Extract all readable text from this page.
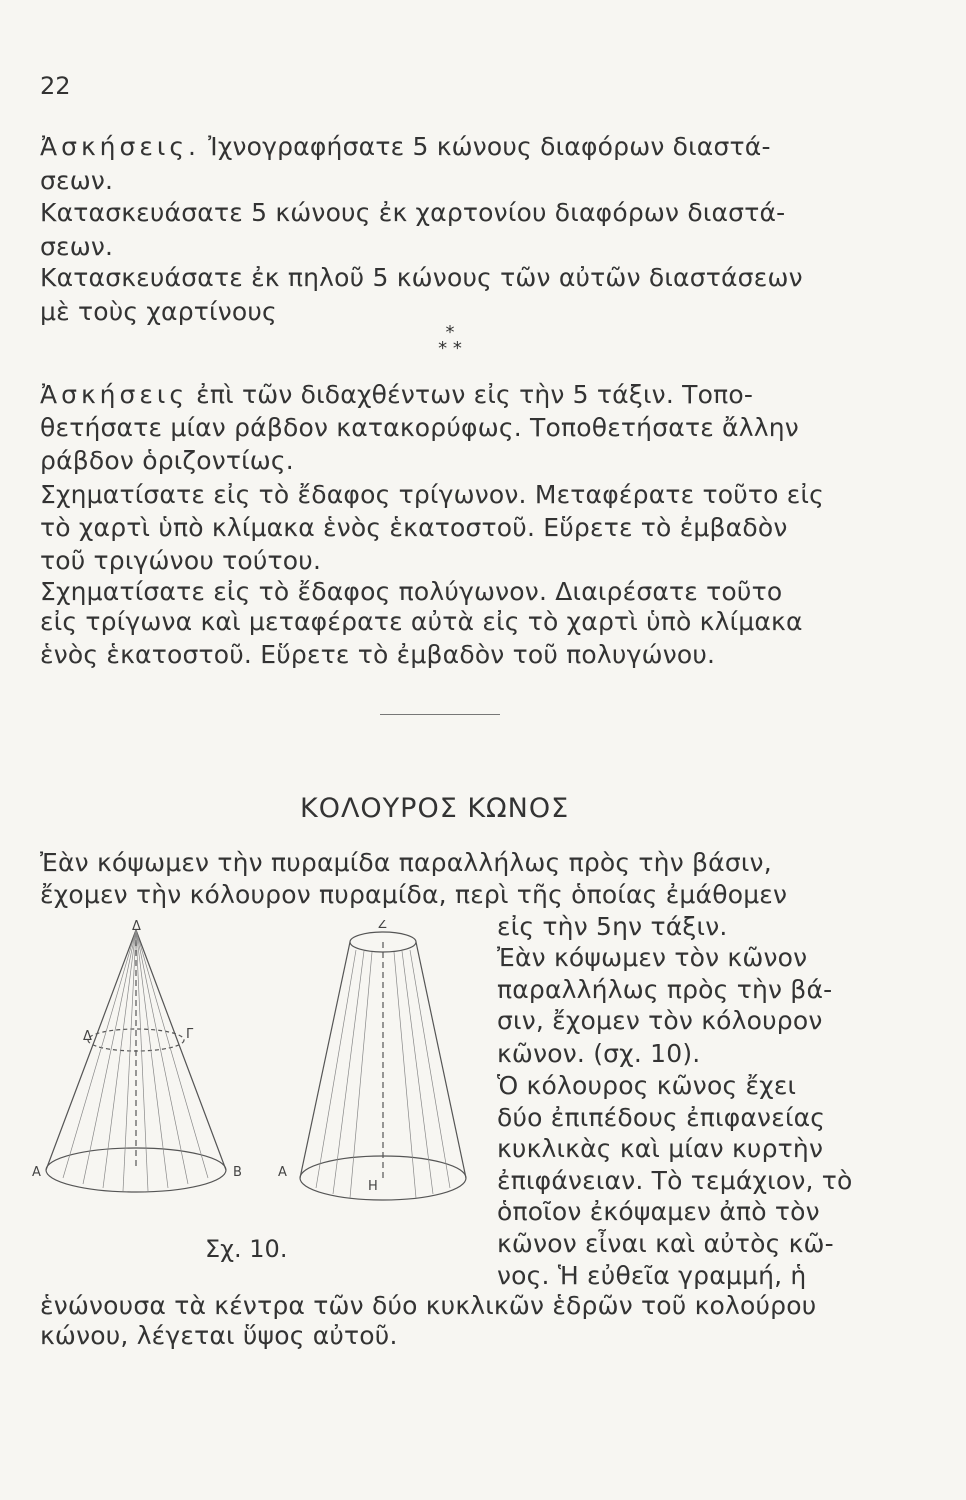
22
Ἀσκήσεις. Ἰχνογραφήσατε 5 κώνους διαφόρων διαστά-
σεων.
Κατασκευάσατε 5 κώνους ἐκ χαρτονίου διαφόρων διαστά-
σεων.
Κατασκευάσατε ἐκ πηλοῦ 5 κώνους τῶν αὐτῶν διαστάσεων
μὲ τοὺς χαρτίνους
*
* *
Ἀσκήσεις ἐπὶ τῶν διδαχθέντων εἰς τὴν 5 τάξιν. Τοπο-
θετήσατε μίαν ράβδον κατακορύφως. Τοποθετήσατε ἄλλην
ράβδον ὁριζοντίως.
Σχηματίσατε εἰς τὸ ἔδαφος τρίγωνον. Μεταφέρατε τοῦτο εἰς
τὸ χαρτὶ ὑπὸ κλίμακα ἑνὸς ἑκατοστοῦ. Εὕρετε τὸ ἐμβαδὸν
τοῦ τριγώνου τούτου.
Σχηματίσατε εἰς τὸ ἔδαφος πολύγωνον. Διαιρέσατε τοῦτο
εἰς τρίγωνα καὶ μεταφέρατε αὐτὰ εἰς τὸ χαρτὶ ὑπὸ κλίμακα
ἑνὸς ἑκατοστοῦ. Εὕρετε τὸ ἐμβαδὸν τοῦ πολυγώνου.
ΚΟΛΟΥΡΟΣ ΚΩΝΟΣ
Ἐὰν κόψωμεν τὴν πυραμίδα παραλλήλως πρὸς τὴν βάσιν,
ἔχομεν τὴν κόλουρον πυραμίδα, περὶ τῆς ὁποίας ἐμάθομεν
εἰς τὴν 5ην τάξιν.
Ἐὰν κόψωμεν τὸν κῶνον
παραλλήλως πρὸς τὴν βά-
σιν, ἔχομεν τὸν κόλουρον
κῶνον. (σχ. 10).
Ὁ κόλουρος κῶνος ἔχει
δύο ἐπιπέδους ἐπιφανείας
κυκλικὰς καὶ μίαν κυρτὴν
ἐπιφάνειαν. Τὸ τεμάχιον, τὸ
ὁποῖον ἐκόψαμεν ἀπὸ τὸν
κῶνον εἶναι καὶ αὐτὸς κῶ-
νος. Ἡ εὐθεῖα γραμμή, ἡ
ἑνώνουσα τὰ κέντρα τῶν δύο κυκλικῶν ἑδρῶν τοῦ κολούρου
κώνου, λέγεται ὕψος αὐτοῦ.
Δ
Α	Β
Δ	Γ
Ζ
Α
Η
Σχ. 10.
